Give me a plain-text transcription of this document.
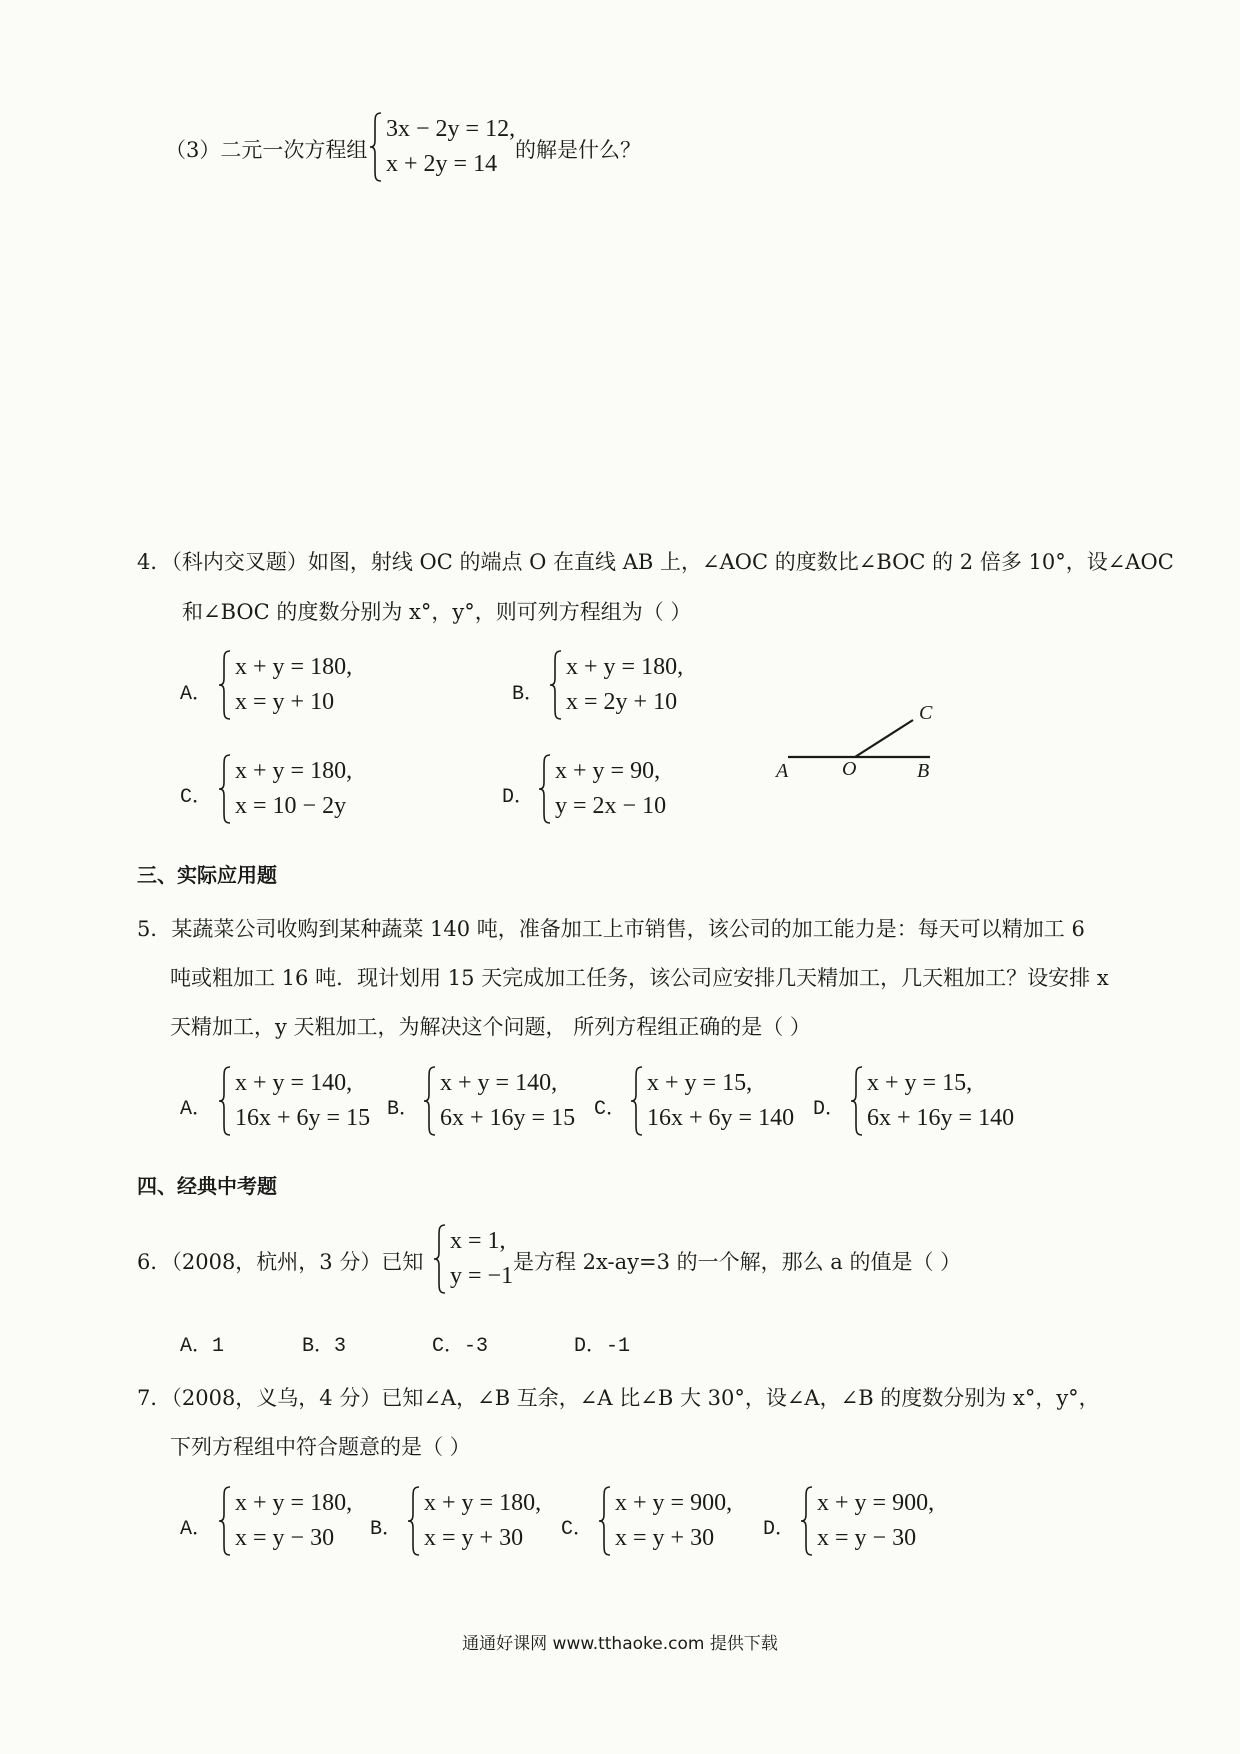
（3）二元一次方程组
3x − 2y = 12,
x + 2y = 14
的解是什么？
4．（科内交叉题）如图，射线 OC 的端点 O 在直线 AB 上，∠AOC 的度数比∠BOC 的 2 倍多 10°，设∠AOC
和∠BOC 的度数分别为 x°，y°，则可列方程组为（ ）
A．
x + y = 180,
x = y + 10	B．
x + y = 180,
x = 2y + 10
C．
x + y = 180,
x = 10 − 2y	D．
x + y = 90,
y = 2x − 10
A	O	B
C
三、实际应用题
5．某蔬菜公司收购到某种蔬菜 140 吨，准备加工上市销售，该公司的加工能力是：每天可以精加工 6
吨或粗加工 16 吨．现计划用 15 天完成加工任务，该公司应安排几天精加工，几天粗加工？设安排 x
天精加工，y 天粗加工，为解决这个问题， 所列方程组正确的是（ ）
A．
x + y = 140,
16x + 6y = 15 B．
x + y = 140,
6x + 16y = 15 C．
x + y = 15,
16x + 6y = 140 D．
x + y = 15,
6x + 16y = 140
四、经典中考题
6．（2008，杭州，3 分）已知
x = 1,
y = −1
是方程 2x-ay=3 的一个解，那么 a 的值是（ ）
A．1	B．3	C．-3	D．-1
7．（2008，义乌，4 分）已知∠A，∠B 互余，∠A 比∠B 大 30°，设∠A，∠B 的度数分别为 x°，y°，
下列方程组中符合题意的是（ ）
A．
x + y = 180,
x = y − 30	B．
x + y = 180,
x = y + 30	C．
x + y = 900,
x = y + 30	D．
x + y = 900,
x = y − 30
通通好课网 www.tthaoke.com 提供下载
